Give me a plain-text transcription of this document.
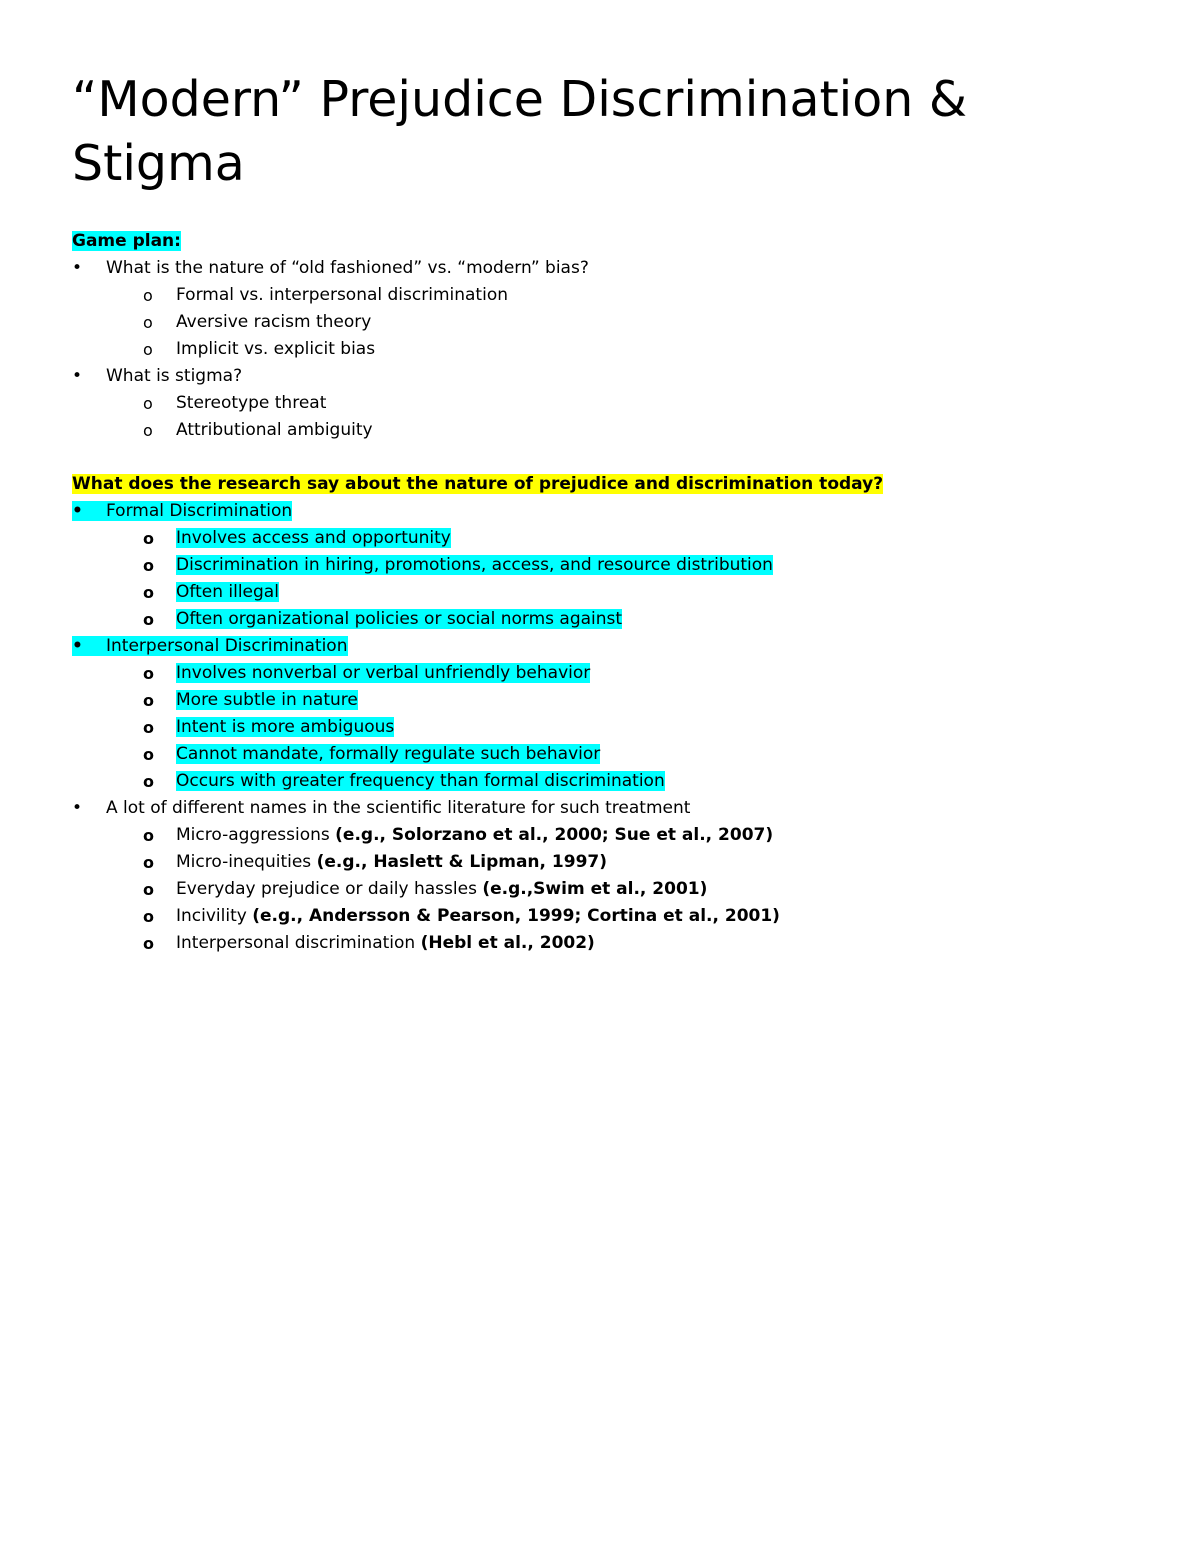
“Modern” Prejudice Discrimination & Stigma
Game plan:
• What is the nature of “old fashioned” vs. “modern” bias?
o Formal vs. interpersonal discrimination
o Aversive racism theory
o Implicit vs. explicit bias
• What is stigma?
o Stereotype threat
o Attributional ambiguity
What does the research say about the nature of prejudice and discrimination today?
• Formal Discrimination
o Involves access and opportunity
o Discrimination in hiring, promotions, access, and resource distribution
o Often illegal
o Often organizational policies or social norms against
• Interpersonal Discrimination
o Involves nonverbal or verbal unfriendly behavior
o More subtle in nature
o Intent is more ambiguous
o Cannot mandate, formally regulate such behavior
o Occurs with greater frequency than formal discrimination
• A lot of different names in the scientific literature for such treatment
o Micro-aggressions (e.g., Solorzano et al., 2000; Sue et al., 2007)
o Micro-inequities (e.g., Haslett & Lipman, 1997)
o Everyday prejudice or daily hassles (e.g.,Swim et al., 2001)
o Incivility (e.g., Andersson & Pearson, 1999; Cortina et al., 2001)
o Interpersonal discrimination (Hebl et al., 2002)
